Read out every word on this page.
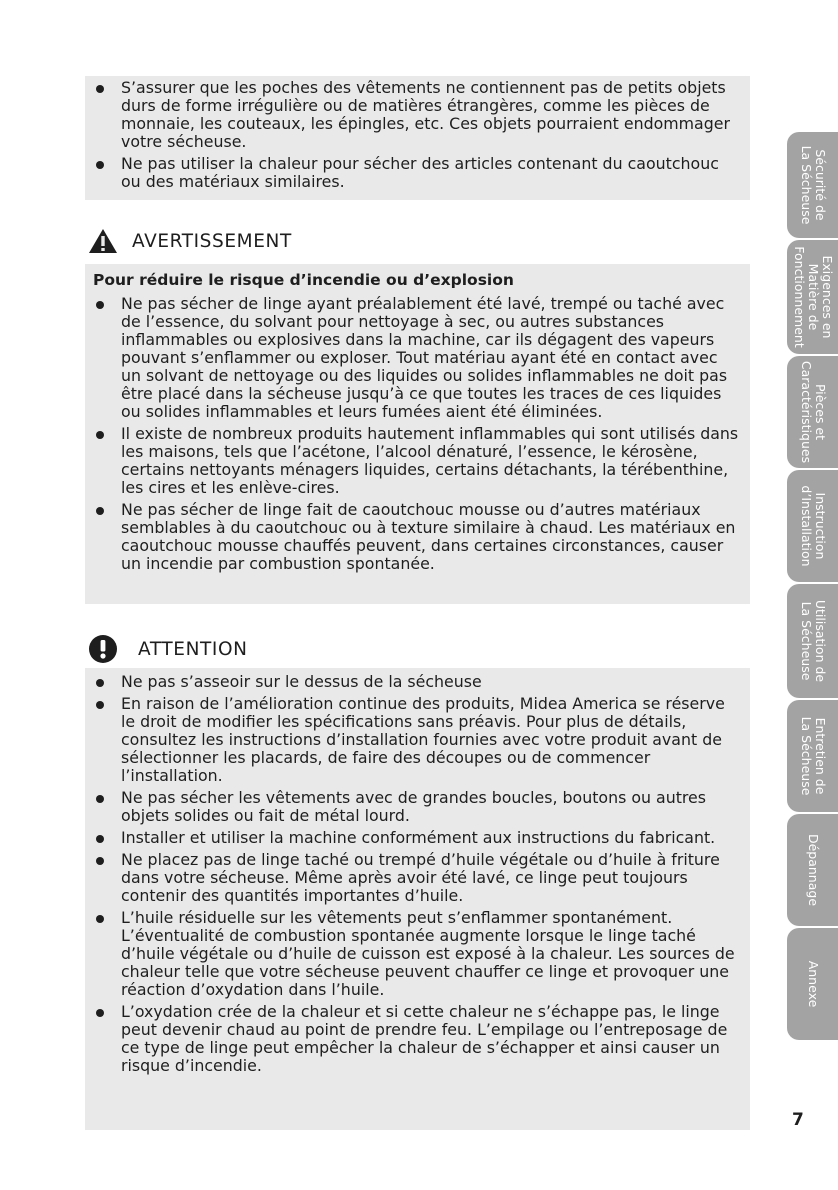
S’assurer que les poches des vêtements ne contiennent pas de petits objets durs de forme irrégulière ou de matières étrangères, comme les pièces de monnaie, les couteaux, les épingles, etc. Ces objets pourraient endommager votre sécheuse.
Ne pas utiliser la chaleur pour sécher des articles contenant du caoutchouc ou des matériaux similaires.
AVERTISSEMENT
Pour réduire le risque d’incendie ou d’explosion
Ne pas sécher de linge ayant préalablement été lavé, trempé ou taché avec de l’essence, du solvant pour nettoyage à sec, ou autres substances inflammables ou explosives dans la machine, car ils dégagent des vapeurs pouvant s’enflammer ou exploser. Tout matériau ayant été en contact avec un solvant de nettoyage ou des liquides ou solides inflammables ne doit pas être placé dans la sécheuse jusqu’à ce que toutes les traces de ces liquides ou solides inflammables et leurs fumées aient été éliminées.
Il existe de nombreux produits hautement inflammables qui sont utilisés dans les maisons, tels que l’acétone, l’alcool dénaturé, l’essence, le kérosène, certains nettoyants ménagers liquides, certains détachants, la térébenthine, les cires et les enlève-cires.
Ne pas sécher de linge fait de caoutchouc mousse ou d’autres matériaux semblables à du caoutchouc ou à texture similaire à chaud. Les matériaux en caoutchouc mousse chauffés peuvent, dans certaines circonstances, causer un incendie par combustion spontanée.
ATTENTION
Ne pas s’asseoir sur le dessus de la sécheuse
En raison de l’amélioration continue des produits, Midea America se réserve le droit de modifier les spécifications sans préavis. Pour plus de détails, consultez les instructions d’installation fournies avec votre produit avant de sélectionner les placards, de faire des découpes ou de commencer l’installation.
Ne pas sécher les vêtements avec de grandes boucles, boutons ou autres objets solides ou fait de métal lourd.
Installer et utiliser la machine conformément aux instructions du fabricant.
Ne placez pas de linge taché ou trempé d’huile végétale ou d’huile à friture dans votre sécheuse. Même après avoir été lavé, ce linge peut toujours contenir des quantités importantes d’huile.
L’huile résiduelle sur les vêtements peut s’enflammer spontanément. L’éventualité de combustion spontanée augmente lorsque le linge taché d’huile végétale ou d’huile de cuisson est exposé à la chaleur. Les sources de chaleur telle que votre sécheuse peuvent chauffer ce linge et provoquer une réaction d’oxydation dans l’huile.
L’oxydation crée de la chaleur et si cette chaleur ne s’échappe pas, le linge peut devenir chaud au point de prendre feu. L’empilage ou l’entreposage de ce type de linge peut empêcher la chaleur de s’échapper et ainsi causer un risque d’incendie.
Sécurité de
La Sécheuse
Exigences en
Matière de
Fonctionnement
Pièces et
Caractéristiques
Instruction
d’Installation
Utilisation de
La Sécheuse
Entretien de
La Sécheuse
Dépannage
Annexe
7
